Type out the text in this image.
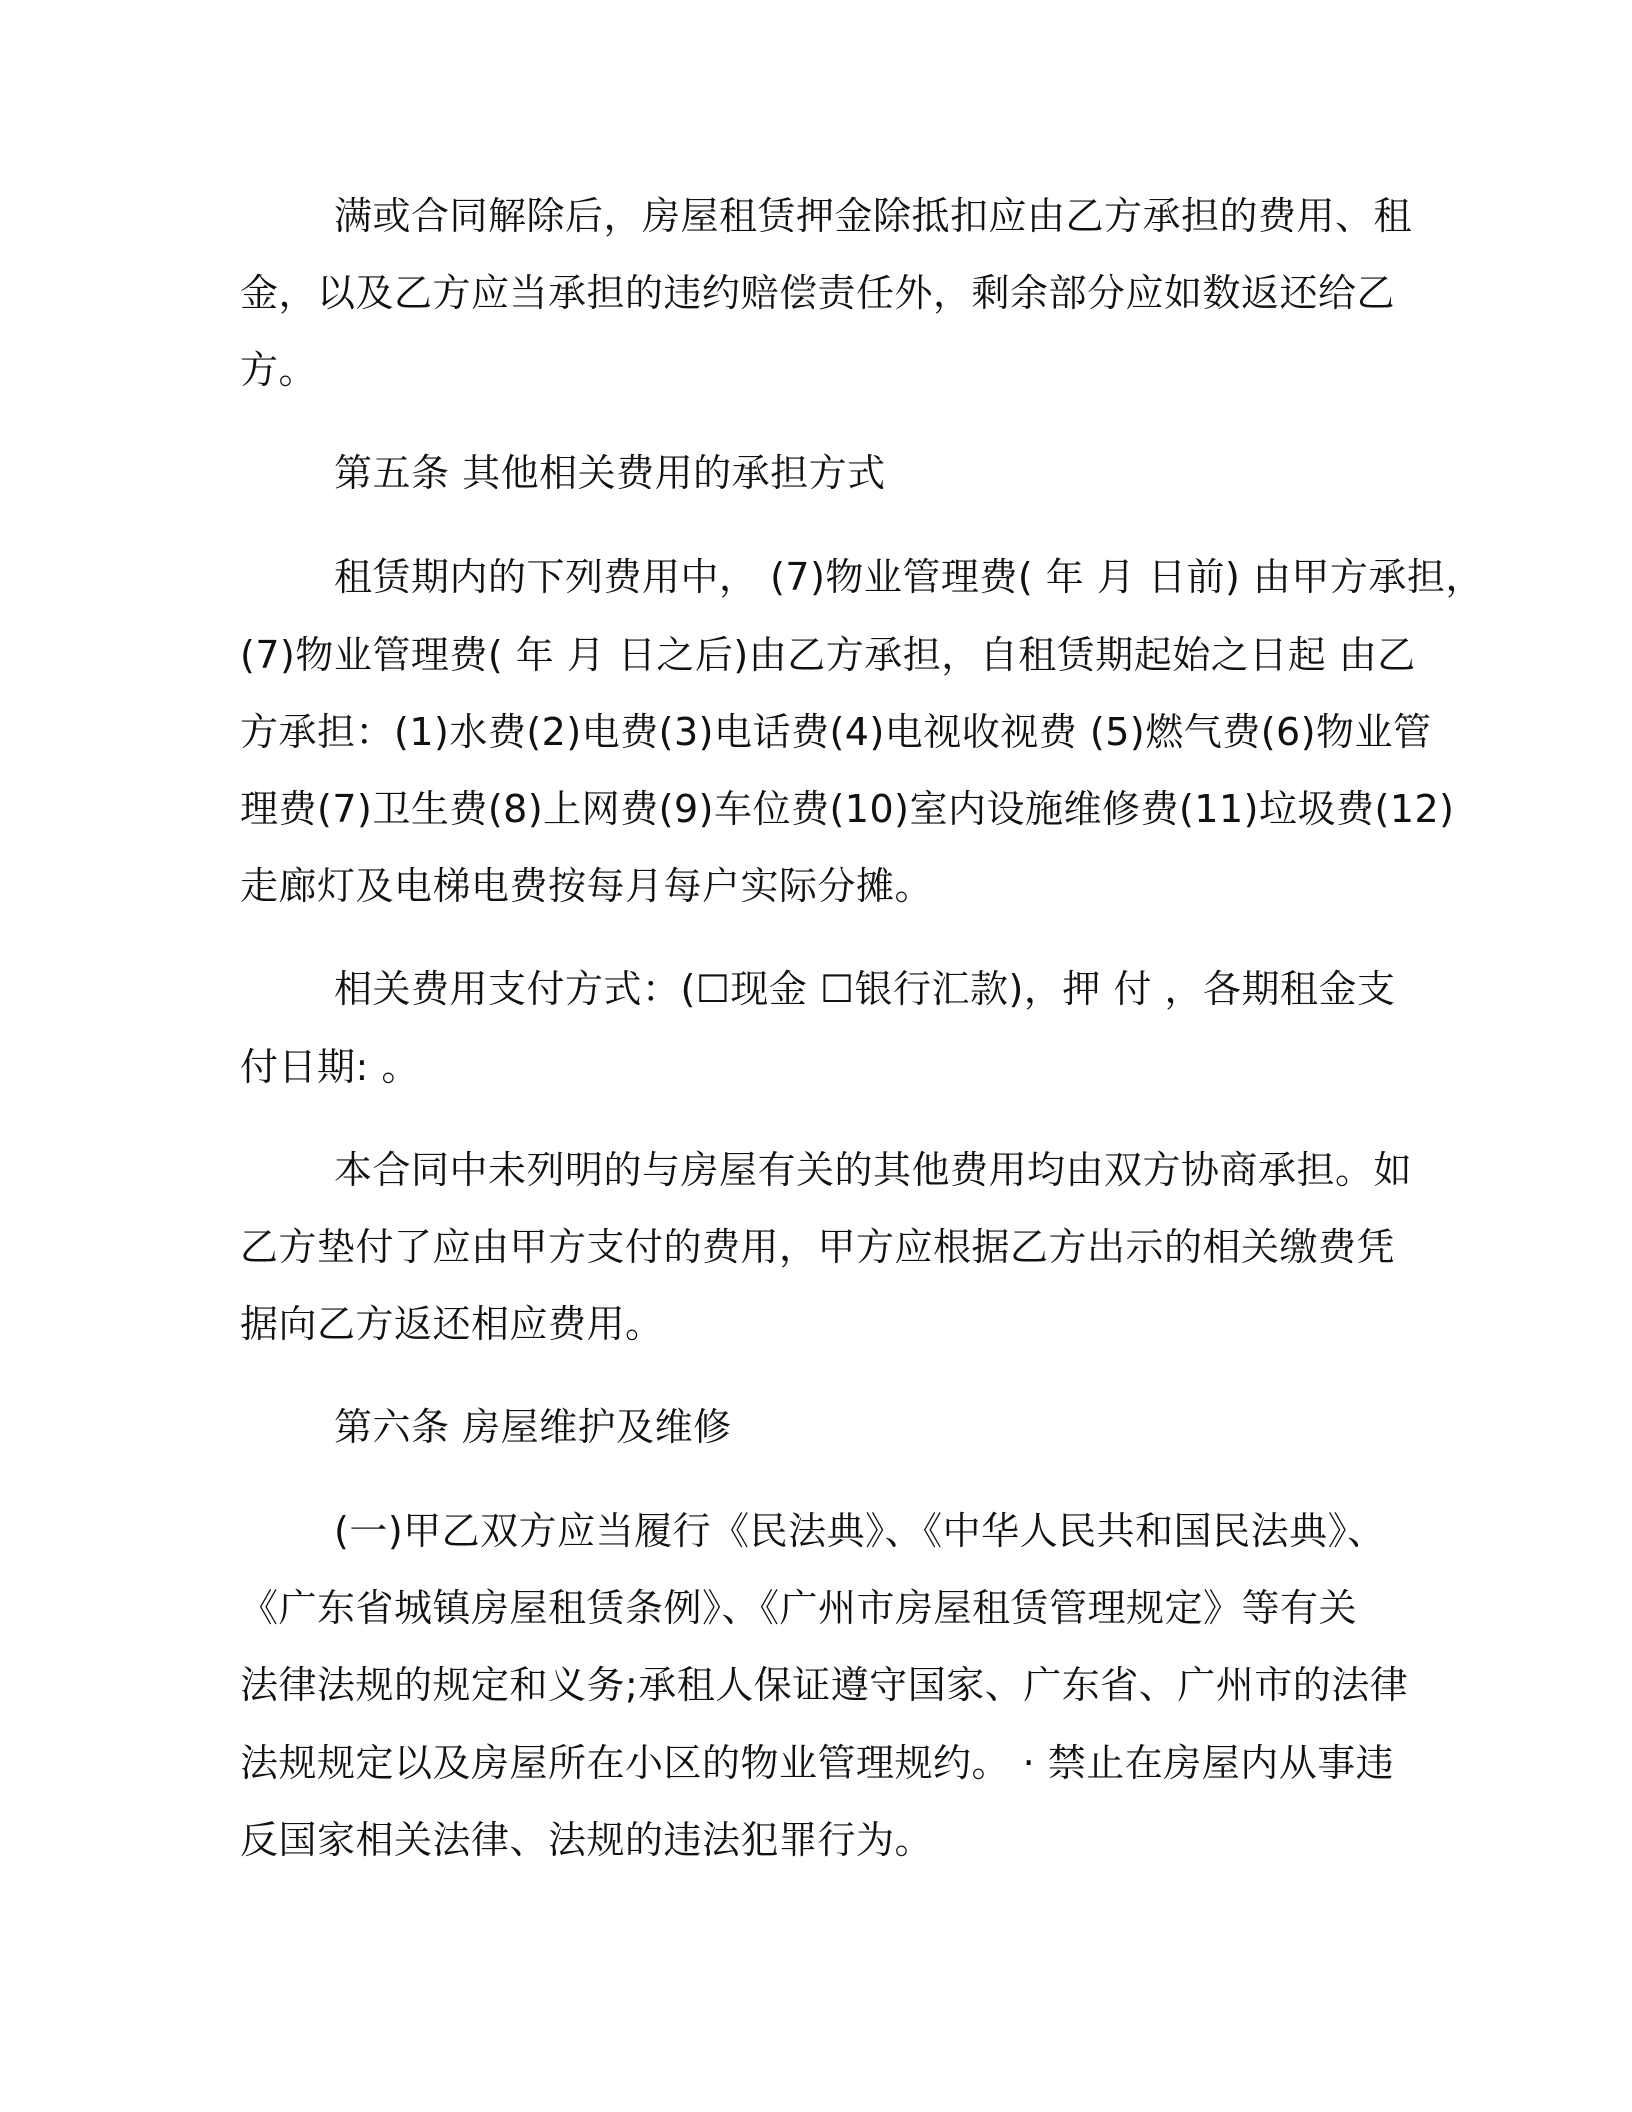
满或合同解除后，房屋租赁押金除抵扣应由乙方承担的费用、租
金，以及乙方应当承担的违约赔偿责任外，剩余部分应如数返还给乙
方。
第五条 其他相关费用的承担方式
租赁期内的下列费用中， (7)物业管理费( 年 月 日前) 由甲方承担，
(7)物业管理费( 年 月 日之后)由乙方承担，自租赁期起始之日起 由乙
方承担：(1)水费(2)电费(3)电话费(4)电视收视费 (5)燃气费(6)物业管
理费(7)卫生费(8)上网费(9)车位费(10)室内设施维修费(11)垃圾费(12)
走廊灯及电梯电费按每月每户实际分摊。
相关费用支付方式：(☐现金 ☐银行汇款)，押 付 ，各期租金支
付日期: 。
本合同中未列明的与房屋有关的其他费用均由双方协商承担。如
乙方垫付了应由甲方支付的费用，甲方应根据乙方出示的相关缴费凭
据向乙方返还相应费用。
第六条 房屋维护及维修
(一)甲乙双方应当履行《民法典》、《中华人民共和国民法典》、
《广东省城镇房屋租赁条例》、《广州市房屋租赁管理规定》等有关
法律法规的规定和义务;承租人保证遵守国家、广东省、广州市的法律
法规规定以及房屋所在小区的物业管理规约。 · 禁止在房屋内从事违
反国家相关法律、法规的违法犯罪行为。
